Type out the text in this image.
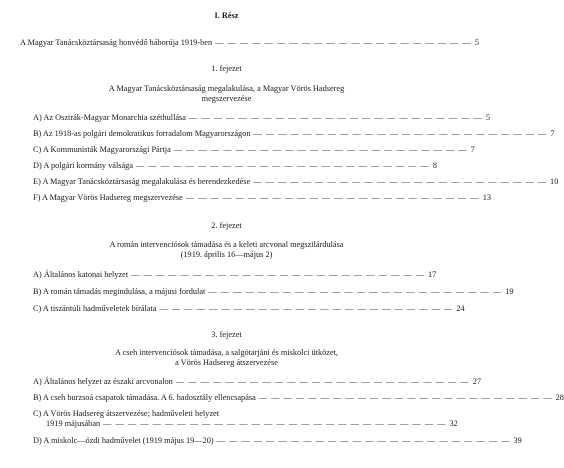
I. Rész
A Magyar Tanácsköztársaság honvédő háborúja 1919-ben — — — — — — — — — — — — — — — — — — — — — 5
1. fejezet
A Magyar Tanácsköztársaság megalakulása, a Magyar Vörös Hadsereg
megszervezése
A) Az Osztrák-Magyar Monarchia széthullása — — — — — — — — — — — — — — — — — — — — — — — — 5
B) Az 1918-as polgári demokratikus forradalom Magyarországon — — — — — — — — — — — — — — — — — — — — — — — — 7
C) A Kommunisták Magyarországi Pártja — — — — — — — — — — — — — — — — — — — — — — — — 7
D) A polgári kormány válsága — — — — — — — — — — — — — — — — — — — — — — — — 8
E) A Magyar Tanácsköztársaság megalakulása és berendezkedése — — — — — — — — — — — — — — — — — — — — — — — — 10
F) A Magyar Vörös Hadsereg megszervezése — — — — — — — — — — — — — — — — — — — — — — — — 13
2. fejezet
A román intervenciósok támadása és a keleti arcvonal megszilárdulása
(1919. április 16—május 2)
A) Általános katonai helyzet — — — — — — — — — — — — — — — — — — — — — — — — 17
B) A román támadás megindulása, a májusi fordulat — — — — — — — — — — — — — — — — — — — — — — — — 19
C) A tiszántúli hadműveletek bírálata — — — — — — — — — — — — — — — — — — — — — — — — 24
3. fejezet
A cseh intervenciósok támadása, a salgótarjáni és miskolci ütközet,
a Vörös Hadsereg átszervezése
A) Általános helyzet az északi arcvonalon — — — — — — — — — — — — — — — — — — — — — — — — 27
B) A cseh burzsoá csapatok támadása. A 6. hadosztály ellencsapása — — — — — — — — — — — — — — — — — — — — — — — — 28
C) A Vörös Hadsereg átszervezése; hadműveleti helyzet
1919 májusában — — — — — — — — — — — — — — — — — — — — — — — — — — — — 32
D) A miskolc—ózdi hadművelet (1919 május 19—20) — — — — — — — — — — — — — — — — — — — — — — — — 39
